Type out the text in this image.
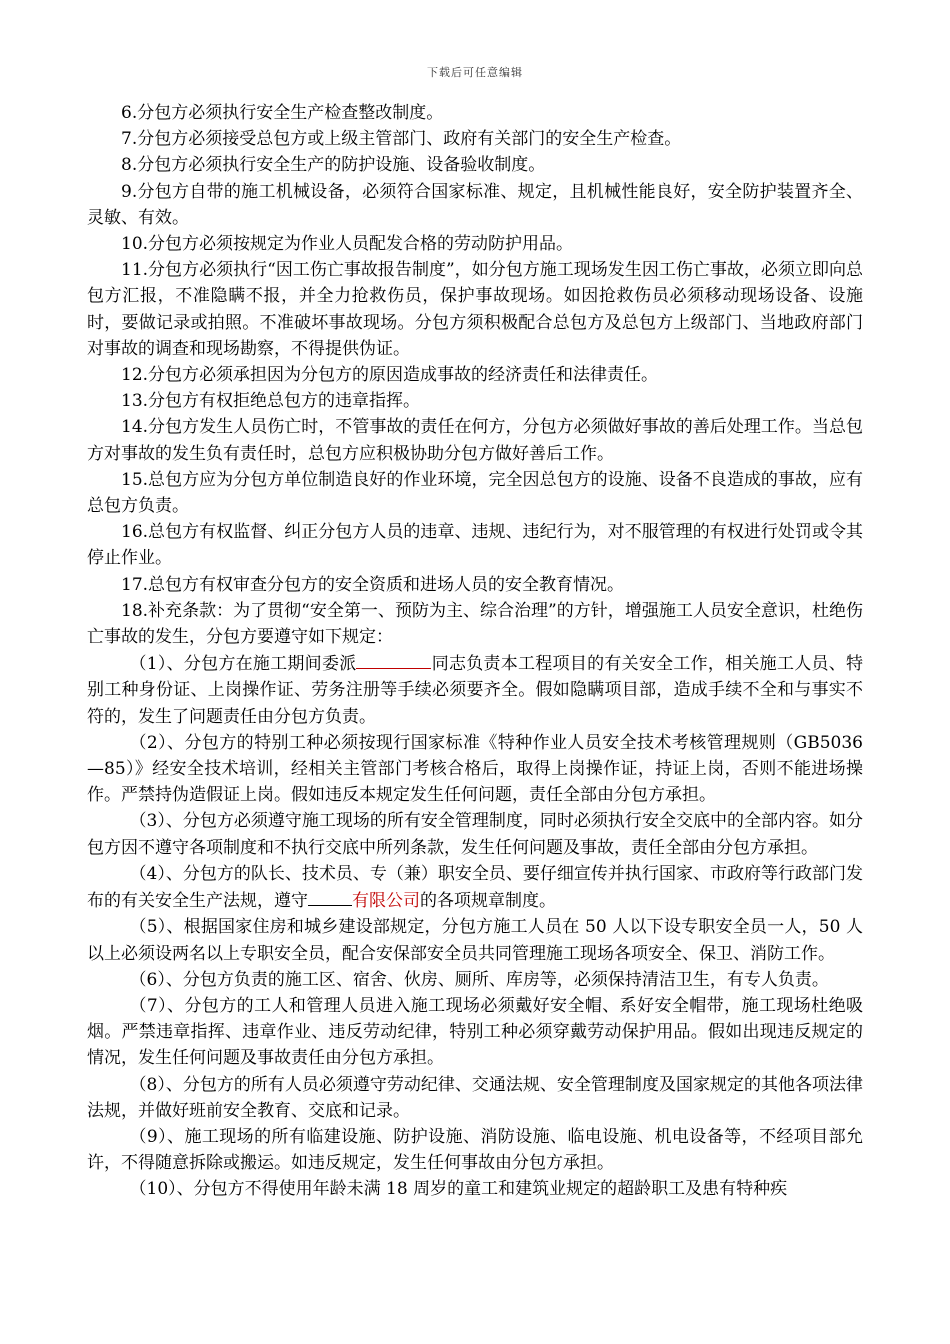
下载后可任意编辑

6.分包方必须执行安全生产检查整改制度。

7.分包方必须接受总包方或上级主管部门、政府有关部门的安全生产检查。

8.分包方必须执行安全生产的防护设施、设备验收制度。

9.分包方自带的施工机械设备，必须符合国家标准、规定，且机械性能良好，安全防护装置齐全、灵敏、有效。

10.分包方必须按规定为作业人员配发合格的劳动防护用品。

11.分包方必须执行“因工伤亡事故报告制度”，如分包方施工现场发生因工伤亡事故，必须立即向总包方汇报，不准隐瞒不报，并全力抢救伤员，保护事故现场。如因抢救伤员必须移动现场设备、设施时，要做记录或拍照。不准破坏事故现场。分包方须积极配合总包方及总包方上级部门、当地政府部门对事故的调查和现场勘察，不得提供伪证。

12.分包方必须承担因为分包方的原因造成事故的经济责任和法律责任。

13.分包方有权拒绝总包方的违章指挥。

14.分包方发生人员伤亡时，不管事故的责任在何方，分包方必须做好事故的善后处理工作。当总包方对事故的发生负有责任时，总包方应积极协助分包方做好善后工作。

15.总包方应为分包方单位制造良好的作业环境，完全因总包方的设施、设备不良造成的事故，应有总包方负责。

16.总包方有权监督、纠正分包方人员的违章、违规、违纪行为，对不服管理的有权进行处罚或令其停止作业。

17.总包方有权审查分包方的安全资质和进场人员的安全教育情况。

18.补充条款：为了贯彻“安全第一、预防为主、综合治理”的方针，增强施工人员安全意识，杜绝伤亡事故的发生，分包方要遵守如下规定：

（1）、分包方在施工期间委派	同志负责本工程项目的有关安全工作，相关施工人员、特别工种身份证、上岗操作证、劳务注册等手续必须要齐全。假如隐瞒项目部，造成手续不全和与事实不符的，发生了问题责任由分包方负责。

（2）、分包方的特别工种必须按现行国家标准《特种作业人员安全技术考核管理规则（GB5036—85）》经安全技术培训，经相关主管部门考核合格后，取得上岗操作证，持证上岗，否则不能进场操作。严禁持伪造假证上岗。假如违反本规定发生任何问题，责任全部由分包方承担。

（3）、分包方必须遵守施工现场的所有安全管理制度，同时必须执行安全交底中的全部内容。如分包方因不遵守各项制度和不执行交底中所列条款，发生任何问题及事故，责任全部由分包方承担。

（4）、分包方的队长、技术员、专（兼）职安全员、要仔细宣传并执行国家、市政府等行政部门发布的有关安全生产法规，遵守	有限公司的各项规章制度。

（5）、根据国家住房和城乡建设部规定，分包方施工人员在 50 人以下设专职安全员一人，50 人以上必须设两名以上专职安全员，配合安保部安全员共同管理施工现场各项安全、保卫、消防工作。

（6）、分包方负责的施工区、宿舍、伙房、厕所、库房等，必须保持清洁卫生，有专人负责。

（7）、分包方的工人和管理人员进入施工现场必须戴好安全帽、系好安全帽带，施工现场杜绝吸烟。严禁违章指挥、违章作业、违反劳动纪律，特别工种必须穿戴劳动保护用品。假如出现违反规定的情况，发生任何问题及事故责任由分包方承担。

（8）、分包方的所有人员必须遵守劳动纪律、交通法规、安全管理制度及国家规定的其他各项法律法规，并做好班前安全教育、交底和记录。

（9）、施工现场的所有临建设施、防护设施、消防设施、临电设施、机电设备等，不经项目部允许，不得随意拆除或搬运。如违反规定，发生任何事故由分包方承担。

（10）、分包方不得使用年龄未满 18 周岁的童工和建筑业规定的超龄职工及患有特种疾
